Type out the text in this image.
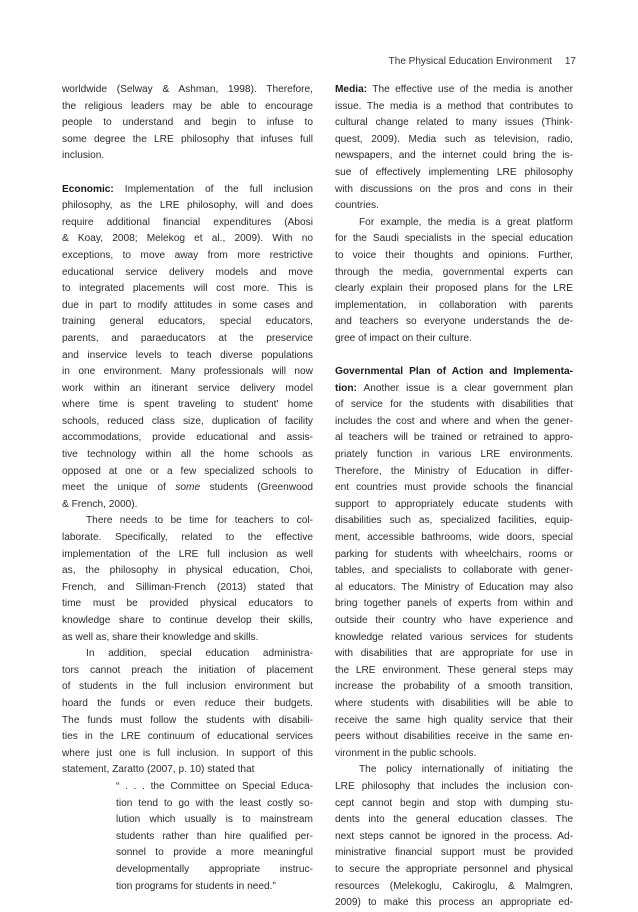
The Physical Education Environment 17
worldwide (Selway & Ashman, 1998). Therefore,
the religious leaders may be able to encourage
people to understand and begin to infuse to
some degree the LRE philosophy that infuses full
inclusion.
Economic: Implementation of the full inclusion
philosophy, as the LRE philosophy, will and does
require additional financial expenditures (Abosi
& Koay, 2008; Melekog et al., 2009). With no
exceptions, to move away from more restrictive
educational service delivery models and move
to integrated placements will cost more. This is
due in part to modify attitudes in some cases and
training general educators, special educators,
parents, and paraeducators at the preservice
and inservice levels to teach diverse populations
in one environment. Many professionals will now
work within an itinerant service delivery model
where time is spent traveling to student' home
schools, reduced class size, duplication of facility
accommodations, provide educational and assis-
tive technology within all the home schools as
opposed at one or a few specialized schools to
meet the unique of some students (Greenwood
& French, 2000).
There needs to be time for teachers to col-
laborate. Specifically, related to the effective
implementation of the LRE full inclusion as well
as, the philosophy in physical education, Choi,
French, and Silliman-French (2013) stated that
time must be provided physical educators to
knowledge share to continue develop their skills,
as well as, share their knowledge and skills.
In addition, special education administra-
tors cannot preach the initiation of placement
of students in the full inclusion environment but
hoard the funds or even reduce their budgets.
The funds must follow the students with disabili-
ties in the LRE continuum of educational services
where just one is full inclusion. In support of this
statement, Zaratto (2007, p. 10) stated that
“ . . . the Committee on Special Educa-
tion tend to go with the least costly so-
lution which usually is to mainstream
students rather than hire qualified per-
sonnel to provide a more meaningful
developmentally appropriate instruc-
tion programs for students in need.”
Media: The effective use of the media is another
issue. The media is a method that contributes to
cultural change related to many issues (Think-
quest, 2009). Media such as television, radio,
newspapers, and the internet could bring the is-
sue of effectively implementing LRE philosophy
with discussions on the pros and cons in their
countries.
For example, the media is a great platform
for the Saudi specialists in the special education
to voice their thoughts and opinions. Further,
through the media, governmental experts can
clearly explain their proposed plans for the LRE
implementation, in collaboration with parents
and teachers so everyone understands the de-
gree of impact on their culture.
Governmental Plan of Action and Implementa-
tion: Another issue is a clear government plan
of service for the students with disabilities that
includes the cost and where and when the gener-
al teachers will be trained or retrained to appro-
priately function in various LRE environments.
Therefore, the Ministry of Education in differ-
ent countries must provide schools the financial
support to appropriately educate students with
disabilities such as, specialized facilities, equip-
ment, accessible bathrooms, wide doors, special
parking for students with wheelchairs, rooms or
tables, and specialists to collaborate with gener-
al educators. The Ministry of Education may also
bring together panels of experts from within and
outside their country who have experience and
knowledge related various services for students
with disabilities that are appropriate for use in
the LRE environment. These general steps may
increase the probability of a smooth transition,
where students with disabilities will be able to
receive the same high quality service that their
peers without disabilities receive in the same en-
vironment in the public schools.
The policy internationally of initiating the
LRE philosophy that includes the inclusion con-
cept cannot begin and stop with dumping stu-
dents into the general education classes. The
next steps cannot be ignored in the process. Ad-
ministrative financial support must be provided
to secure the appropriate personnel and physical
resources (Melekoglu, Cakiroglu, & Malmgren,
2009) to make this process an appropriate ed-
